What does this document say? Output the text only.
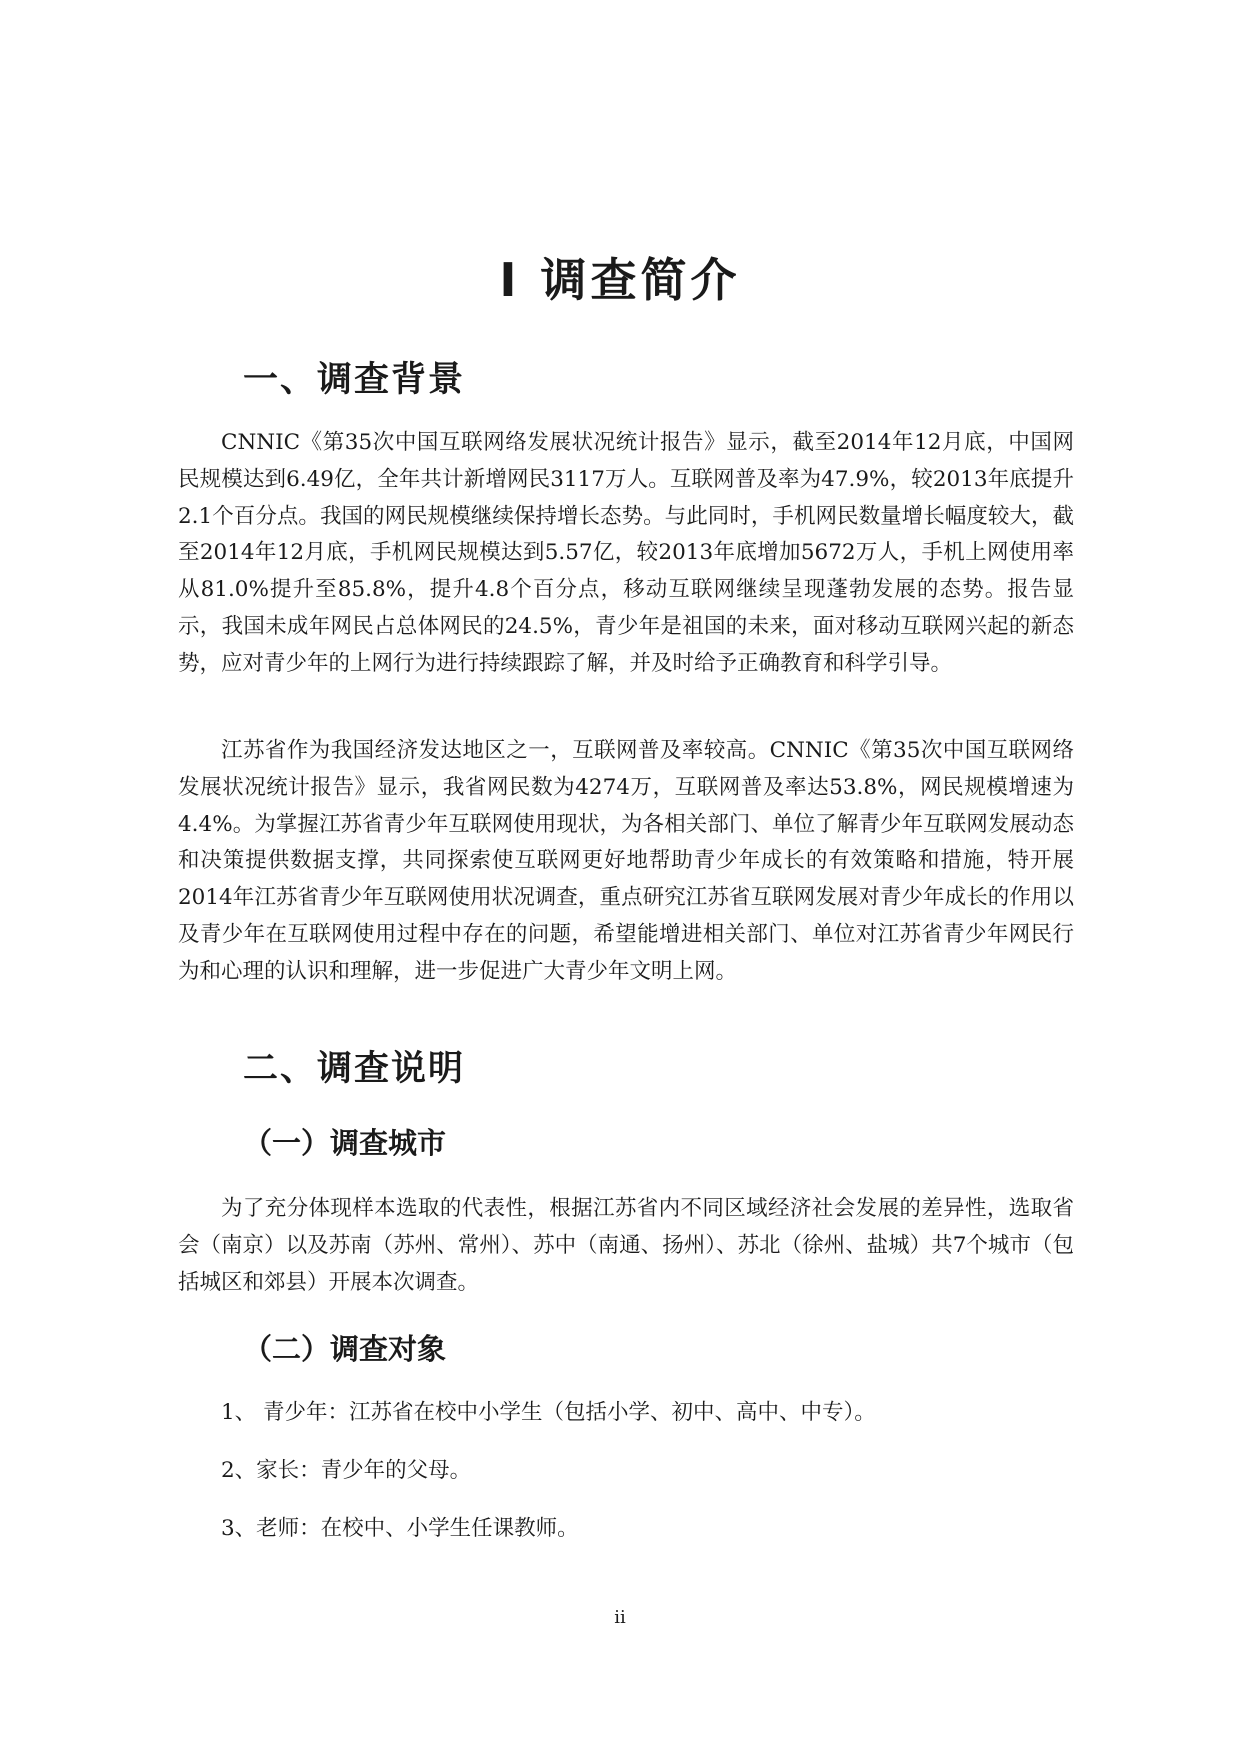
I 调查简介
一、调查背景

CNNIC《第35次中国互联网络发展状况统计报告》显示，截至2014年12月底，中国网民规模达到6.49亿，全年共计新增网民3117万人。互联网普及率为47.9%，较2013年底提升2.1个百分点。我国的网民规模继续保持增长态势。与此同时，手机网民数量增长幅度较大，截至2014年12月底，手机网民规模达到5.57亿，较2013年底增加5672万人，手机上网使用率从81.0%提升至85.8%，提升4.8个百分点，移动互联网继续呈现蓬勃发展的态势。报告显示，我国未成年网民占总体网民的24.5%，青少年是祖国的未来，面对移动互联网兴起的新态势，应对青少年的上网行为进行持续跟踪了解，并及时给予正确教育和科学引导。

江苏省作为我国经济发达地区之一，互联网普及率较高。CNNIC《第35次中国互联网络发展状况统计报告》显示，我省网民数为4274万，互联网普及率达53.8%，网民规模增速为4.4%。为掌握江苏省青少年互联网使用现状，为各相关部门、单位了解青少年互联网发展动态和决策提供数据支撑，共同探索使互联网更好地帮助青少年成长的有效策略和措施，特开展2014年江苏省青少年互联网使用状况调查，重点研究江苏省互联网发展对青少年成长的作用以及青少年在互联网使用过程中存在的问题，希望能增进相关部门、单位对江苏省青少年网民行为和心理的认识和理解，进一步促进广大青少年文明上网。

二、调查说明
（一）调查城市

为了充分体现样本选取的代表性，根据江苏省内不同区域经济社会发展的差异性，选取省会（南京）以及苏南（苏州、常州）、苏中（南通、扬州）、苏北（徐州、盐城）共7个城市（包括城区和郊县）开展本次调查。

（二）调查对象

1、 青少年：江苏省在校中小学生（包括小学、初中、高中、中专）。

2、家长：青少年的父母。

3、老师：在校中、小学生任课教师。

ii
